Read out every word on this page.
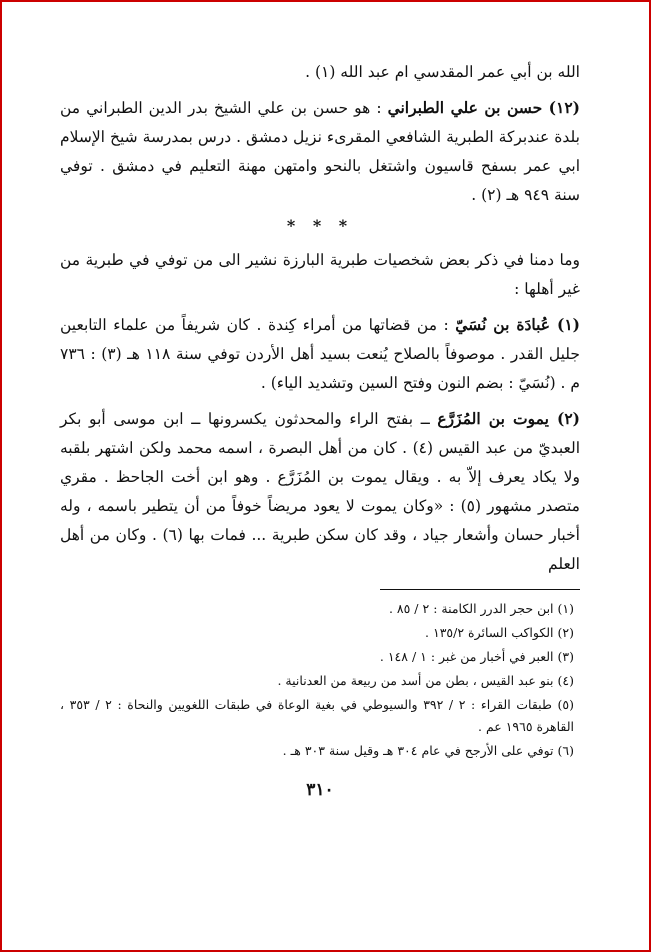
الله بن أبي عمر المقدسي ام عبد الله (١) .

(١٢) حسن بن علي الطبراني : هو حسن بن علي الشيخ بدر الدين الطبراني من بلدة عندبركة الطبرية الشافعي المقرىء نزيل دمشق . درس بمدرسة شيخ الإسلام ابي عمر بسفح قاسيون واشتغل بالنحو وامتهن مهنة التعليم في دمشق . توفي سنة ٩٤٩ هـ (٢) .

* * *

وما دمنا في ذكر بعض شخصيات طبرية البارزة نشير الى من توفي في طبرية من غير أهلها :

(١) عُبادَة بن نُسَيّ : من قضاتها من أمراء كِندة . كان شريفاً من علماء التابعين جليل القدر . موصوفاً بالصلاح يُنعت بسيد أهل الأردن توفي سنة ١١٨ هـ (٣) : ٧٣٦ م . (نُسَيّ : بضم النون وفتح السين وتشديد الياء) .

(٢) يموت بن المُزَرَّع ــ بفتح الراء والمحدثون يكسرونها ــ ابن موسى أبو بكر العبديّ من عبد القيس (٤) . كان من أهل البصرة ، اسمه محمد ولكن اشتهر بلقبه ولا يكاد يعرف إلاّ به . ويقال يموت بن المُزَرَّع . وهو ابن أخت الجاحظ . مقري متصدر مشهور (٥) : «وكان يموت لا يعود مريضاً خوفاً من أن يتطير باسمه ، وله أخبار حسان وأشعار جياد ، وقد كان سكن طبرية ... فمات بها (٦) . وكان من أهل العلم

(١) ابن حجر الدرر الكامنة : ٢ / ٨٥ .
(٢) الكواكب السائرة ١٣٥/٢ .
(٣) العبر في أخبار من غبر : ١ / ١٤٨ .
(٤) بنو عبد القيس ، بطن من أسد من ربيعة من العدنانية .
(٥) طبقات القراء : ٢ / ٣٩٢ والسيوطي في بغية الوعاة في طبقات اللغويين والنحاة : ٢ / ٣٥٣ ، القاهرة ١٩٦٥ عم .
(٦) توفي على الأرجح في عام ٣٠٤ هـ وقيل سنة ٣٠٣ هـ .
٣١٠
